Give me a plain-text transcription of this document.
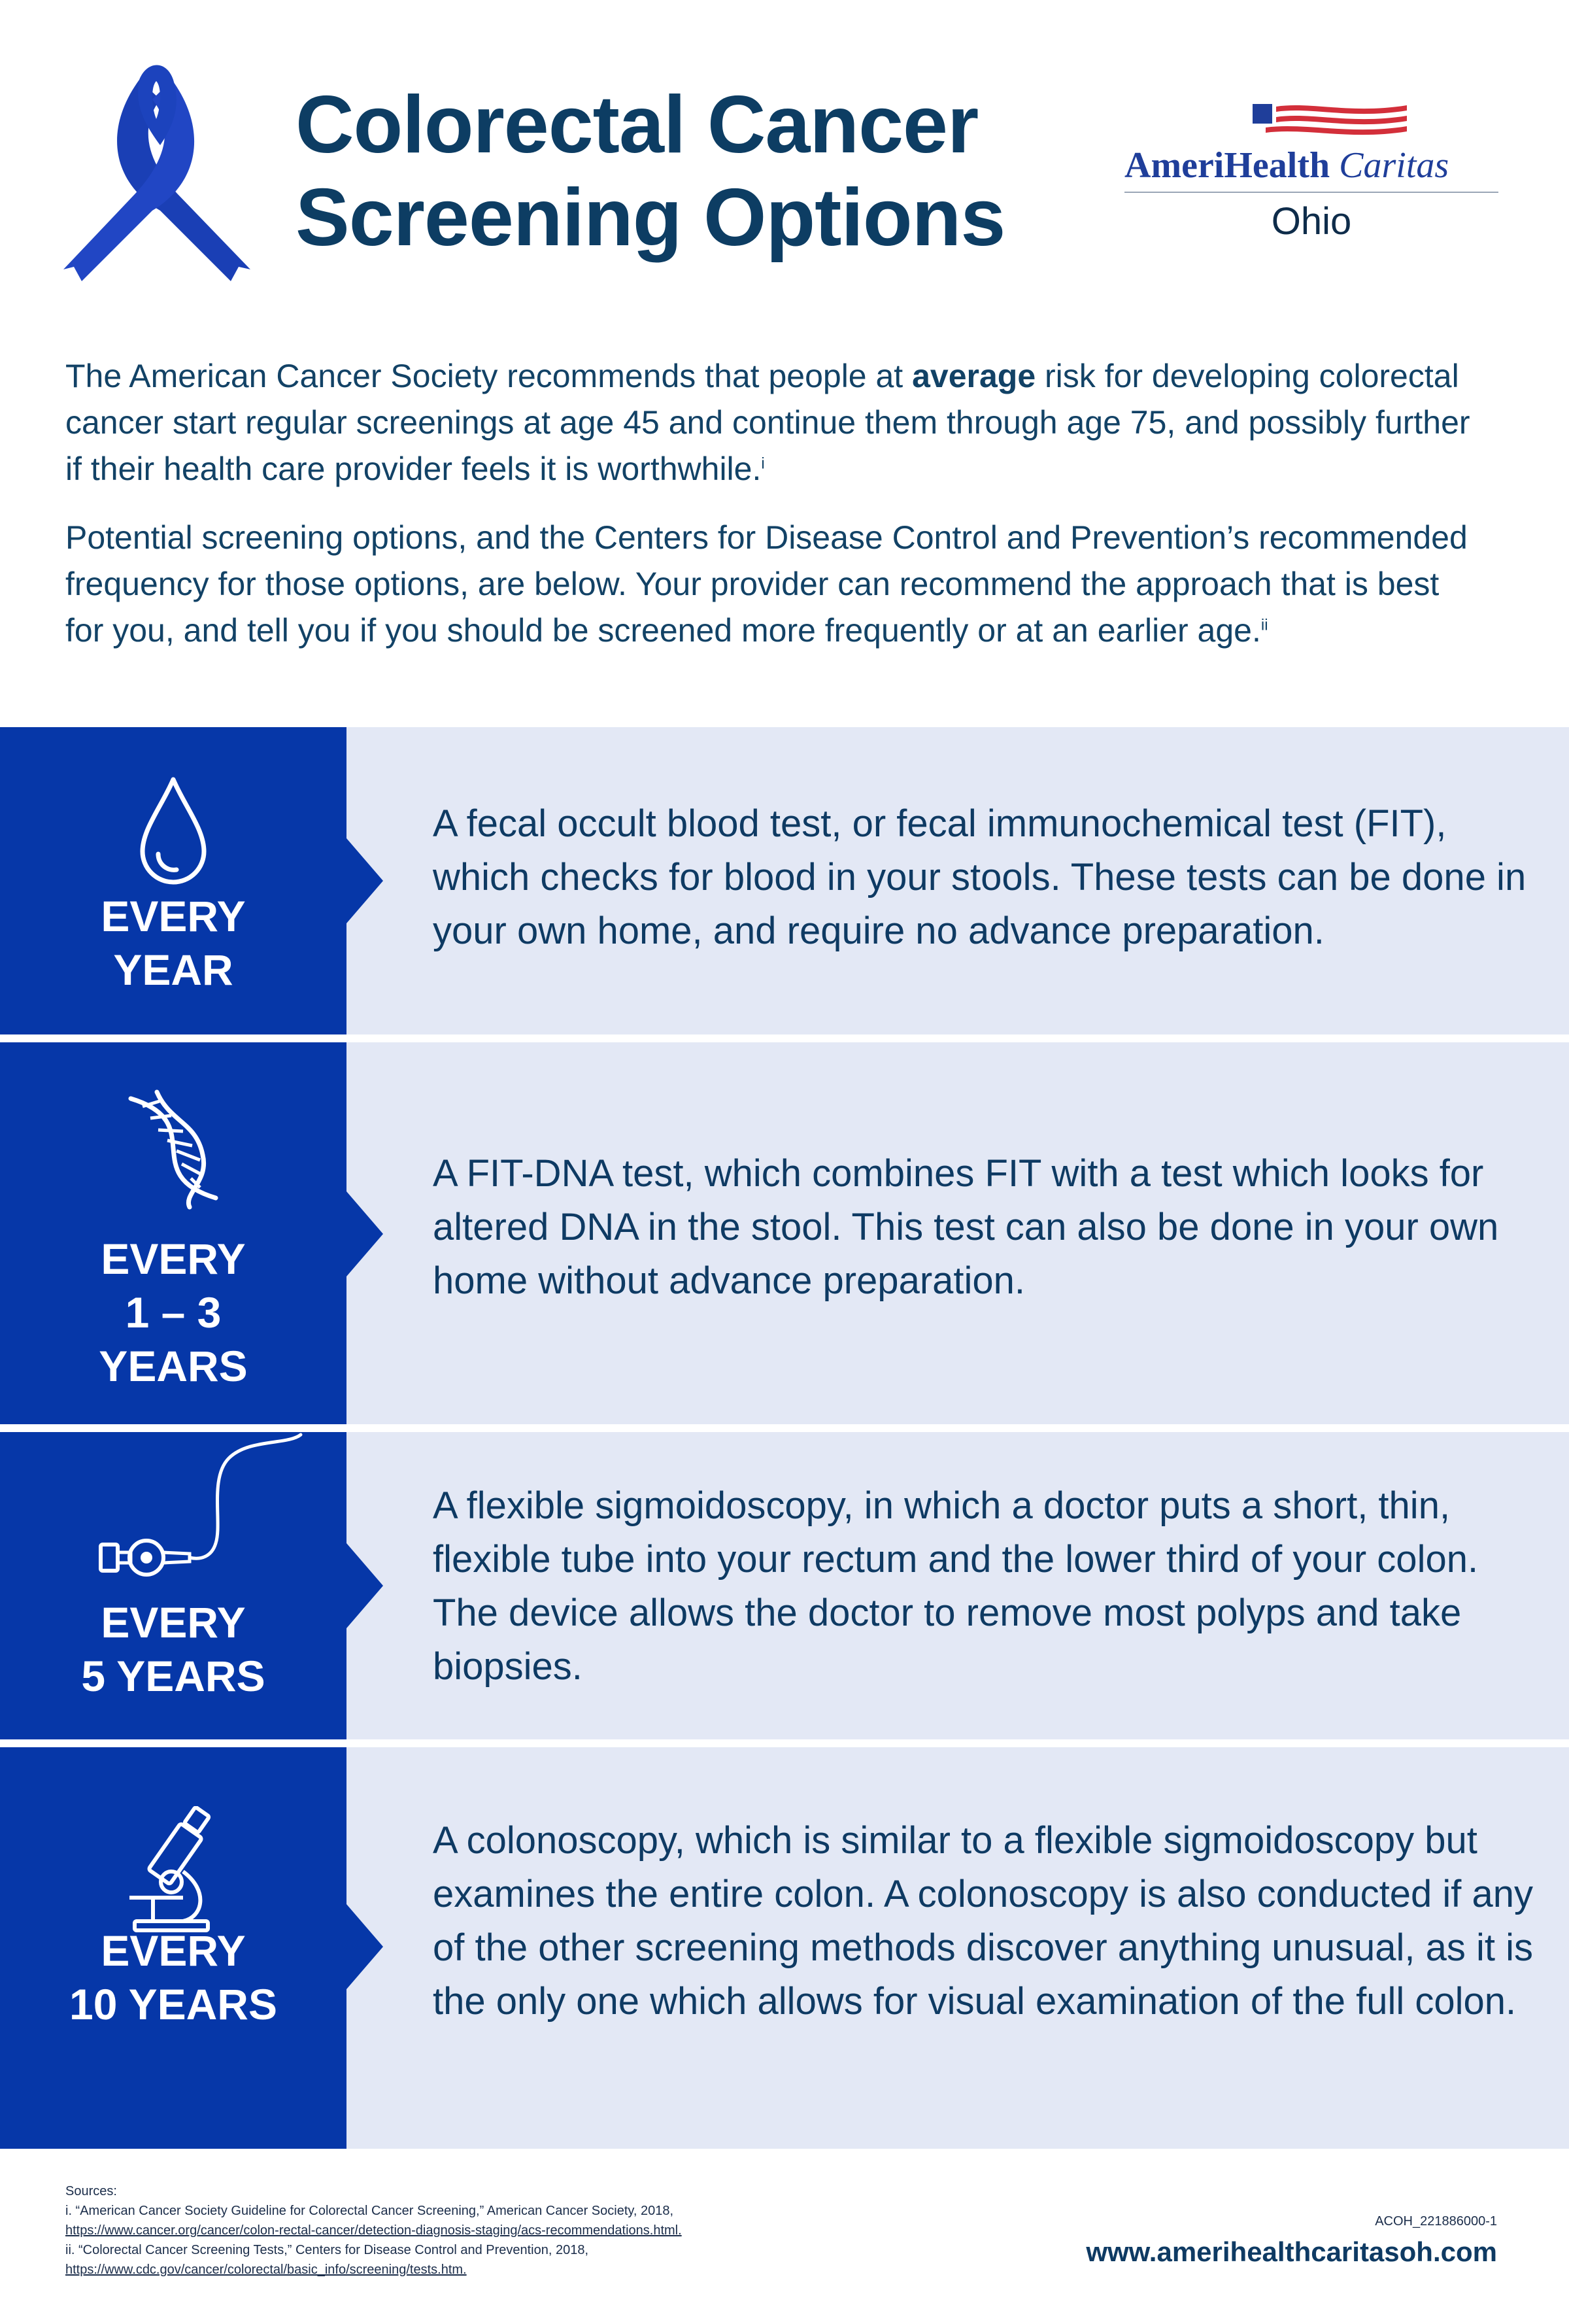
Colorectal Cancer
Screening Options
AmeriHealth Caritas
Ohio

The American Cancer Society recommends that people at average risk for developing colorectal cancer start regular screenings at age 45 and continue them through age 75, and possibly further if their health care provider feels it is worthwhile.$^i$

Potential screening options, and the Centers for Disease Control and Prevention’s recommended frequency for those options, are below. Your provider can recommend the approach that is best for you, and tell you if you should be screened more frequently or at an earlier age.$^{ii}$

EVERY
YEAR
A fecal occult blood test, or fecal immunochemical test (FIT), which checks for blood in your stools. These tests can be done in your own home, and require no advance preparation.
EVERY
1 – 3
YEARS
A FIT-DNA test, which combines FIT with a test which looks for altered DNA in the stool. This test can also be done in your own home without advance preparation.
EVERY
5 YEARS
A flexible sigmoidoscopy, in which a doctor puts a short, thin, flexible tube into your rectum and the lower third of your colon. The device allows the doctor to remove most polyps and take biopsies.
EVERY
10 YEARS
A colonoscopy, which is similar to a flexible sigmoidoscopy but examines the entire colon. A colonoscopy is also conducted if any of the other screening methods discover anything unusual, as it is the only one which allows for visual examination of the full colon.
Sources:
i. “American Cancer Society Guideline for Colorectal Cancer Screening,” American Cancer Society, 2018,
https://www.cancer.org/cancer/colon-rectal-cancer/detection-diagnosis-staging/acs-recommendations.html.
ii. “Colorectal Cancer Screening Tests,” Centers for Disease Control and Prevention, 2018,
https://www.cdc.gov/cancer/colorectal/basic_info/screening/tests.htm.
ACOH_221886000-1
www.amerihealthcaritasoh.com
